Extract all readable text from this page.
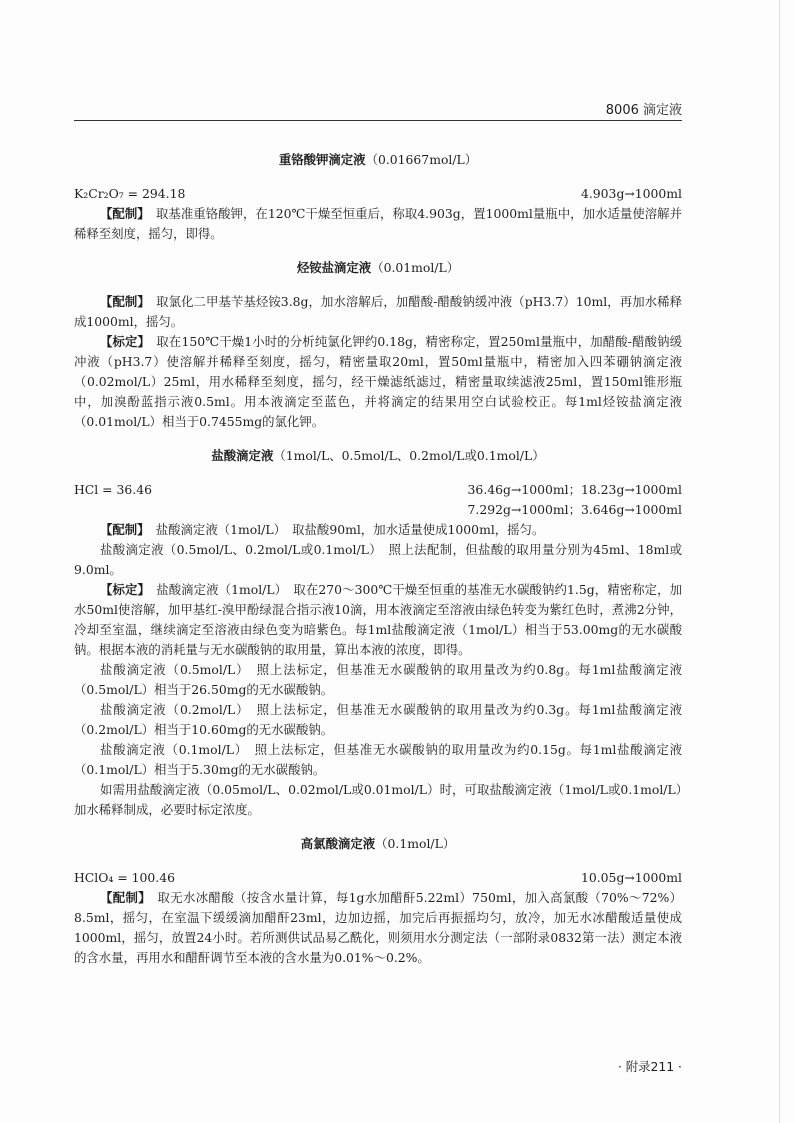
8006 滴定液
重铬酸钾滴定液（0.01667mol/L）
K₂Cr₂O₇ = 294.18	4.903g→1000ml

【配制】　 取基准重铬酸钾，在120℃干燥至恒重后，称取4.903g，置1000ml量瓶中，加水适量使溶解并稀释至刻度，摇匀，即得。

烃铵盐滴定液（0.01mol/L）

【配制】　 取氯化二甲基苄基烃铵3.8g，加水溶解后，加醋酸-醋酸钠缓冲液（pH3.7）10ml，再加水稀释成1000ml，摇匀。

【标定】　 取在150℃干燥1小时的分析纯氯化钾约0.18g，精密称定，置250ml量瓶中，加醋酸-醋酸钠缓冲液（pH3.7）使溶解并稀释至刻度，摇匀，精密量取20ml，置50ml量瓶中，精密加入四苯硼钠滴定液（0.02mol/L）25ml，用水稀释至刻度，摇匀，经干燥滤纸滤过，精密量取续滤液25ml，置150ml锥形瓶中，加溴酚蓝指示液0.5ml。用本液滴定至蓝色，并将滴定的结果用空白试验校正。每1ml烃铵盐滴定液（0.01mol/L）相当于0.7455mg的氯化钾。

盐酸滴定液（1mol/L、0.5mol/L、0.2mol/L或0.1mol/L）
HCl = 36.46	36.46g→1000ml；18.23g→1000ml
7.292g→1000ml；3.646g→1000ml

【配制】　 盐酸滴定液（1mol/L）　取盐酸90ml，加水适量使成1000ml，摇匀。

盐酸滴定液（0.5mol/L、0.2mol/L或0.1mol/L）　照上法配制，但盐酸的取用量分别为45ml、18ml或9.0ml。

【标定】　 盐酸滴定液（1mol/L）　取在270～300℃干燥至恒重的基准无水碳酸钠约1.5g，精密称定，加水50ml使溶解，加甲基红-溴甲酚绿混合指示液10滴，用本液滴定至溶液由绿色转变为紫红色时，煮沸2分钟，冷却至室温，继续滴定至溶液由绿色变为暗紫色。每1ml盐酸滴定液（1mol/L）相当于53.00mg的无水碳酸钠。根据本液的消耗量与无水碳酸钠的取用量，算出本液的浓度，即得。

盐酸滴定液（0.5mol/L）　照上法标定，但基准无水碳酸钠的取用量改为约0.8g。每1ml盐酸滴定液（0.5mol/L）相当于26.50mg的无水碳酸钠。

盐酸滴定液（0.2mol/L）　照上法标定，但基准无水碳酸钠的取用量改为约0.3g。每1ml盐酸滴定液（0.2mol/L）相当于10.60mg的无水碳酸钠。

盐酸滴定液（0.1mol/L）　照上法标定，但基准无水碳酸钠的取用量改为约0.15g。每1ml盐酸滴定液（0.1mol/L）相当于5.30mg的无水碳酸钠。

如需用盐酸滴定液（0.05mol/L、0.02mol/L或0.01mol/L）时，可取盐酸滴定液（1mol/L或0.1mol/L）加水稀释制成，必要时标定浓度。

高氯酸滴定液（0.1mol/L）
HClO₄ = 100.46	10.05g→1000ml

【配制】　 取无水冰醋酸（按含水量计算，每1g水加醋酐5.22ml）750ml，加入高氯酸（70%～72%）8.5ml，摇匀，在室温下缓缓滴加醋酐23ml，边加边摇，加完后再振摇均匀，放冷，加无水冰醋酸适量使成1000ml，摇匀，放置24小时。若所测供试品易乙酰化，则须用水分测定法（一部附录0832第一法）测定本液的含水量，再用水和醋酐调节至本液的含水量为0.01%～0.2%。

· 附录211 ·
